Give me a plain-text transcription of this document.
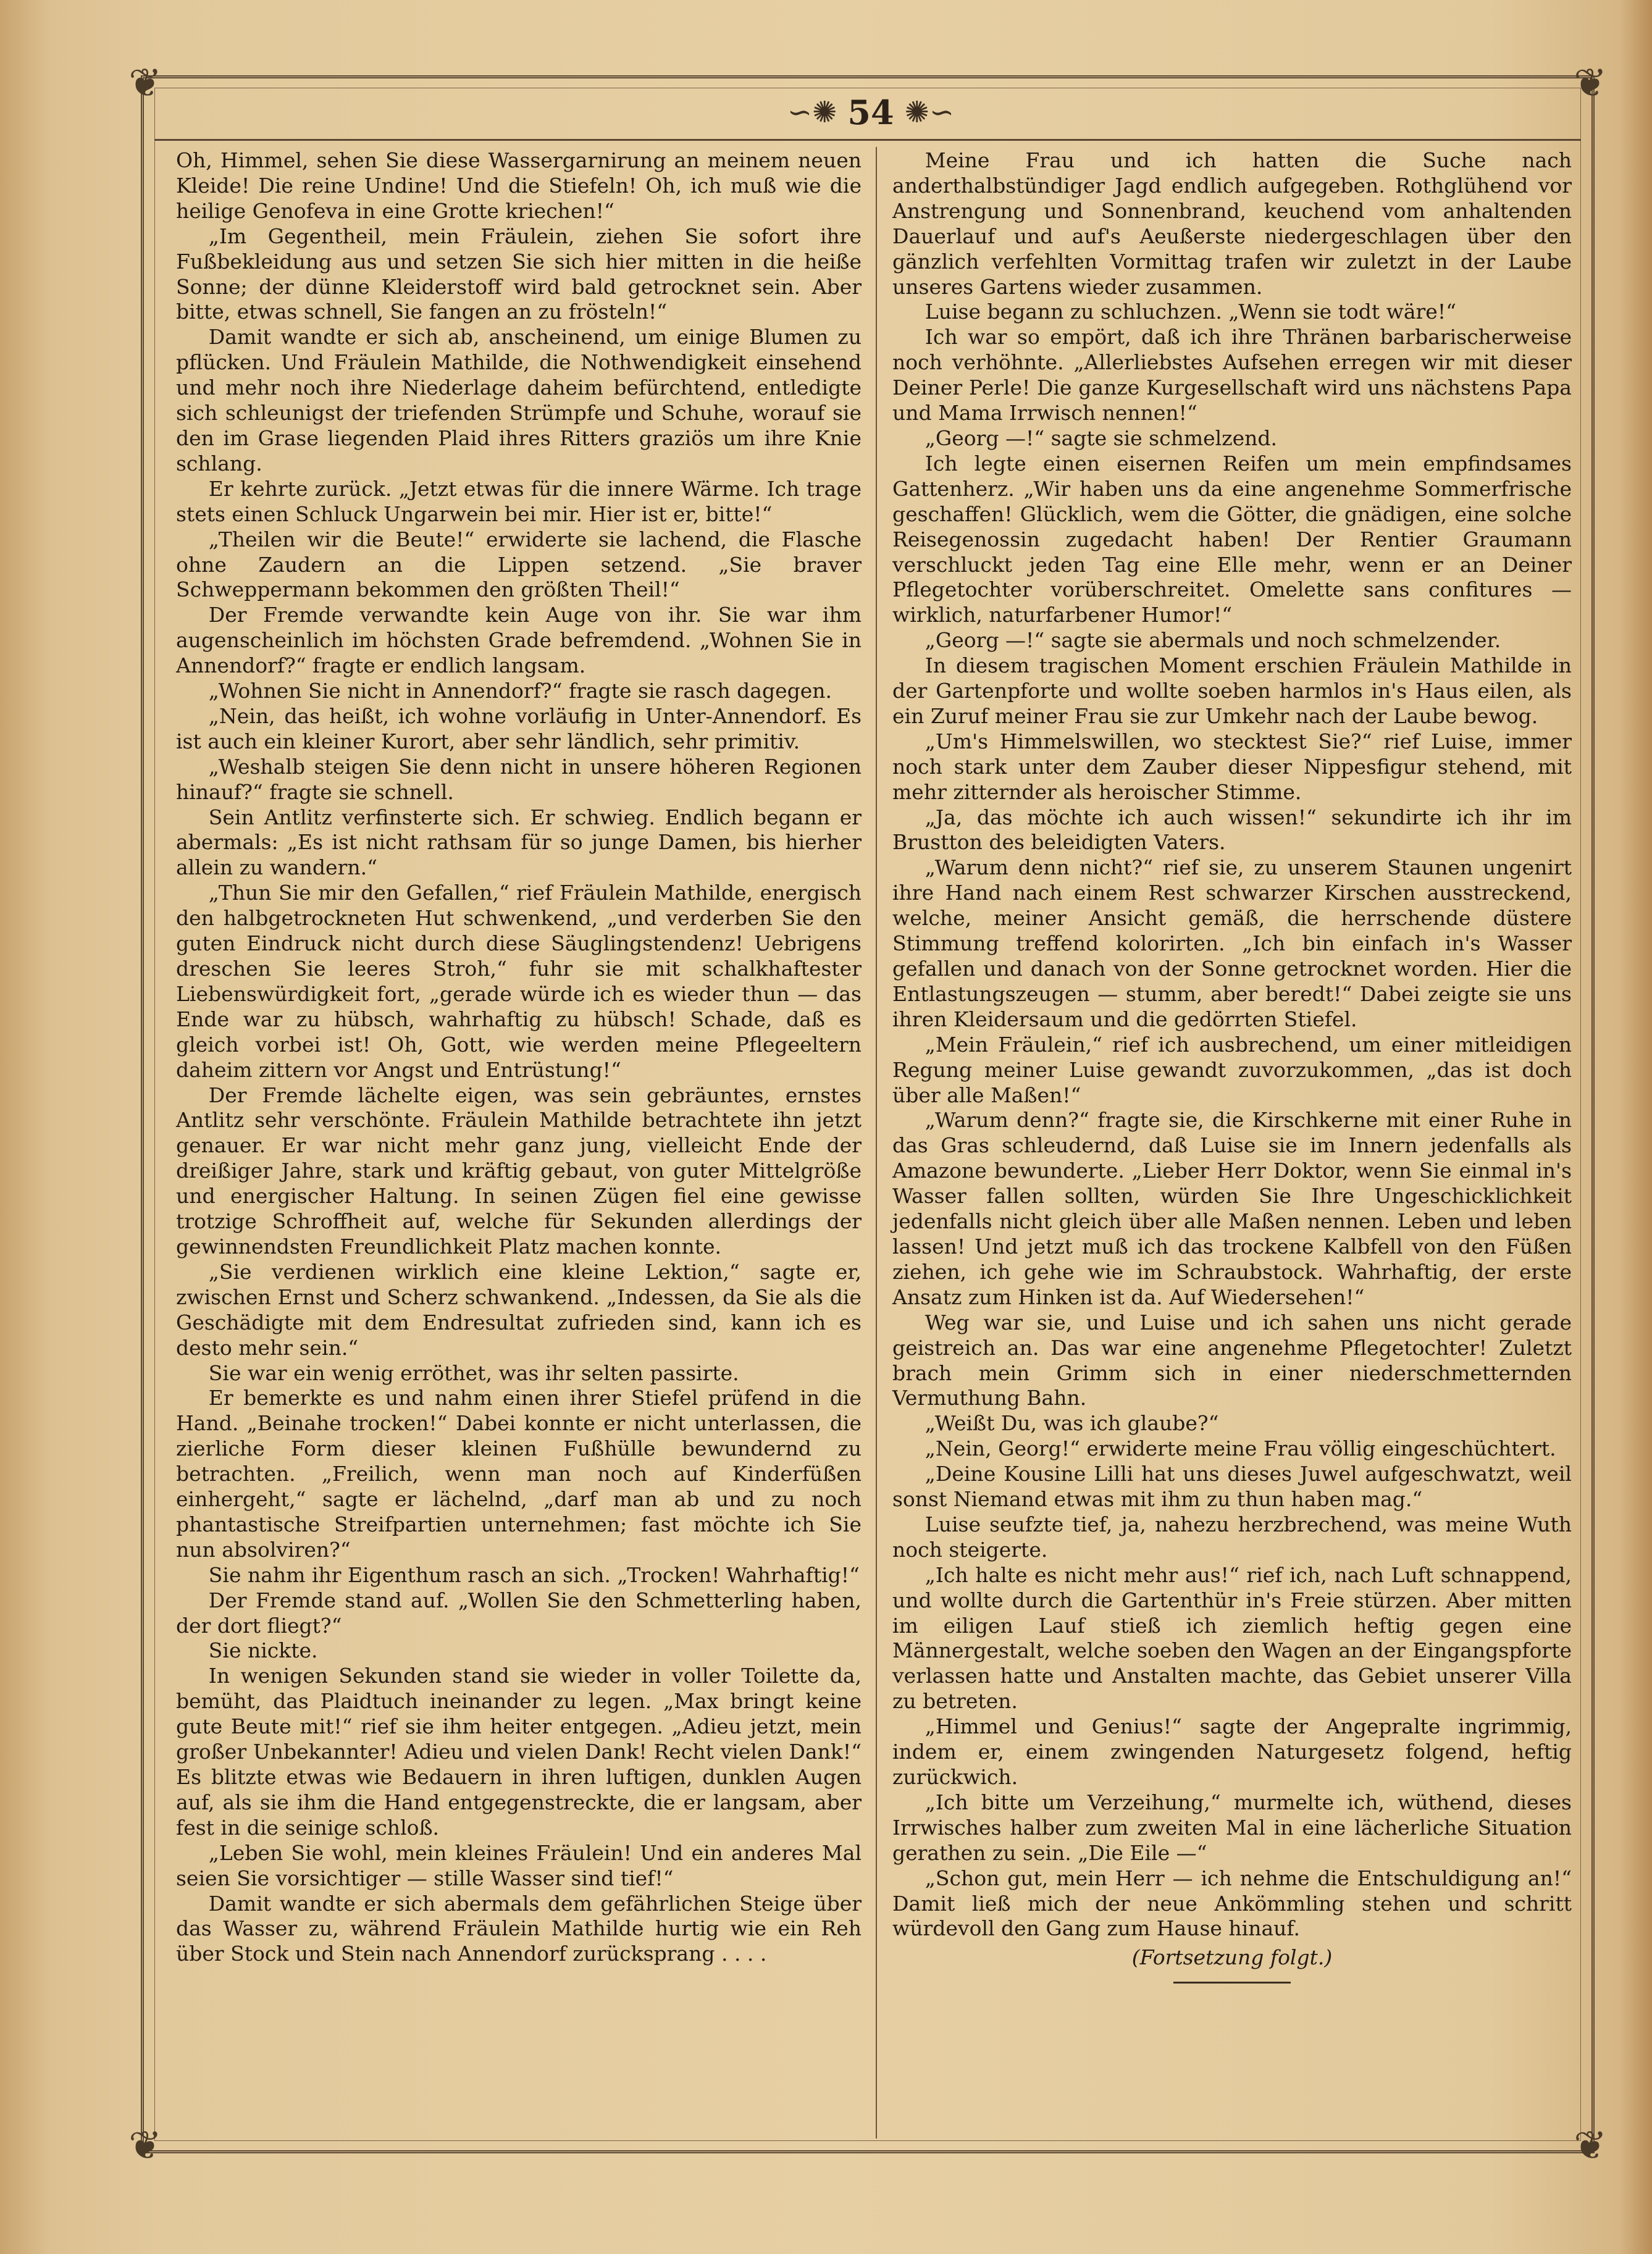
❦	❦
❦	❦
∽✺ 54 ✺∽

Oh, Himmel, sehen Sie diese Wassergarnirung an meinem neuen Kleide! Die reine Undine! Und die Stiefeln! Oh, ich muß wie die heilige Genofeva in eine Grotte kriechen!“

„Im Gegentheil, mein Fräulein, ziehen Sie sofort ihre Fußbekleidung aus und setzen Sie sich hier mitten in die heiße Sonne; der dünne Kleiderstoff wird bald getrocknet sein. Aber bitte, etwas schnell, Sie fangen an zu frösteln!“

Damit wandte er sich ab, anscheinend, um einige Blumen zu pflücken. Und Fräulein Mathilde, die Nothwendigkeit einsehend und mehr noch ihre Niederlage daheim befürchtend, entledigte sich schleunigst der triefenden Strümpfe und Schuhe, worauf sie den im Grase liegenden Plaid ihres Ritters graziös um ihre Knie schlang.

Er kehrte zurück. „Jetzt etwas für die innere Wärme. Ich trage stets einen Schluck Ungarwein bei mir. Hier ist er, bitte!“

„Theilen wir die Beute!“ erwiderte sie lachend, die Flasche ohne Zaudern an die Lippen setzend. „Sie braver Schweppermann bekommen den größten Theil!“

Der Fremde verwandte kein Auge von ihr. Sie war ihm augenscheinlich im höchsten Grade befremdend. „Wohnen Sie in Annendorf?“ fragte er endlich langsam.

„Wohnen Sie nicht in Annendorf?“ fragte sie rasch dagegen.

„Nein, das heißt, ich wohne vorläufig in Unter-Annendorf. Es ist auch ein kleiner Kurort, aber sehr ländlich, sehr primitiv.

„Weshalb steigen Sie denn nicht in unsere höheren Regionen hinauf?“ fragte sie schnell.

Sein Antlitz verfinsterte sich. Er schwieg. Endlich begann er abermals: „Es ist nicht rathsam für so junge Damen, bis hierher allein zu wandern.“

„Thun Sie mir den Gefallen,“ rief Fräulein Mathilde, energisch den halbgetrockneten Hut schwenkend, „und verderben Sie den guten Eindruck nicht durch diese Säuglingstendenz! Uebrigens dreschen Sie leeres Stroh,“ fuhr sie mit schalkhaftester Liebenswürdigkeit fort, „gerade würde ich es wieder thun — das Ende war zu hübsch, wahrhaftig zu hübsch! Schade, daß es gleich vorbei ist! Oh, Gott, wie werden meine Pflegeeltern daheim zittern vor Angst und Entrüstung!“

Der Fremde lächelte eigen, was sein gebräuntes, ernstes Antlitz sehr verschönte. Fräulein Mathilde betrachtete ihn jetzt genauer. Er war nicht mehr ganz jung, vielleicht Ende der dreißiger Jahre, stark und kräftig gebaut, von guter Mittelgröße und energischer Haltung. In seinen Zügen fiel eine gewisse trotzige Schroffheit auf, welche für Sekunden allerdings der gewinnendsten Freundlichkeit Platz machen konnte.

„Sie verdienen wirklich eine kleine Lektion,“ sagte er, zwischen Ernst und Scherz schwankend. „Indessen, da Sie als die Geschädigte mit dem Endresultat zufrieden sind, kann ich es desto mehr sein.“

Sie war ein wenig erröthet, was ihr selten passirte.

Er bemerkte es und nahm einen ihrer Stiefel prüfend in die Hand. „Beinahe trocken!“ Dabei konnte er nicht unterlassen, die zierliche Form dieser kleinen Fußhülle bewundernd zu betrachten. „Freilich, wenn man noch auf Kinderfüßen einhergeht,“ sagte er lächelnd, „darf man ab und zu noch phantastische Streifpartien unternehmen; fast möchte ich Sie nun absolviren?“

Sie nahm ihr Eigenthum rasch an sich. „Trocken! Wahrhaftig!“

Der Fremde stand auf. „Wollen Sie den Schmetterling haben, der dort fliegt?“

Sie nickte.

In wenigen Sekunden stand sie wieder in voller Toilette da, bemüht, das Plaidtuch ineinander zu legen. „Max bringt keine gute Beute mit!“ rief sie ihm heiter entgegen. „Adieu jetzt, mein großer Unbekannter! Adieu und vielen Dank! Recht vielen Dank!“ Es blitzte etwas wie Bedauern in ihren luftigen, dunklen Augen auf, als sie ihm die Hand entgegenstreckte, die er langsam, aber fest in die seinige schloß.

„Leben Sie wohl, mein kleines Fräulein! Und ein anderes Mal seien Sie vorsichtiger — stille Wasser sind tief!“

Damit wandte er sich abermals dem gefährlichen Steige über das Wasser zu, während Fräulein Mathilde hurtig wie ein Reh über Stock und Stein nach Annendorf zurücksprang . . . .

Meine Frau und ich hatten die Suche nach anderthalbstündiger Jagd endlich aufgegeben. Rothglühend vor Anstrengung und Sonnenbrand, keuchend vom anhaltenden Dauerlauf und auf's Aeußerste niedergeschlagen über den gänzlich verfehlten Vormittag trafen wir zuletzt in der Laube unseres Gartens wieder zusammen.

Luise begann zu schluchzen. „Wenn sie todt wäre!“

Ich war so empört, daß ich ihre Thränen barbarischerweise noch verhöhnte. „Allerliebstes Aufsehen erregen wir mit dieser Deiner Perle! Die ganze Kurgesellschaft wird uns nächstens Papa und Mama Irrwisch nennen!“

„Georg —!“ sagte sie schmelzend.

Ich legte einen eisernen Reifen um mein empfindsames Gattenherz. „Wir haben uns da eine angenehme Sommerfrische geschaffen! Glücklich, wem die Götter, die gnädigen, eine solche Reisegenossin zugedacht haben! Der Rentier Graumann verschluckt jeden Tag eine Elle mehr, wenn er an Deiner Pflegetochter vorüberschreitet. Omelette sans confitures — wirklich, naturfarbener Humor!“

„Georg —!“ sagte sie abermals und noch schmelzender.

In diesem tragischen Moment erschien Fräulein Mathilde in der Gartenpforte und wollte soeben harmlos in's Haus eilen, als ein Zuruf meiner Frau sie zur Umkehr nach der Laube bewog.

„Um's Himmelswillen, wo stecktest Sie?“ rief Luise, immer noch stark unter dem Zauber dieser Nippesfigur stehend, mit mehr zitternder als heroischer Stimme.

„Ja, das möchte ich auch wissen!“ sekundirte ich ihr im Brustton des beleidigten Vaters.

„Warum denn nicht?“ rief sie, zu unserem Staunen ungenirt ihre Hand nach einem Rest schwarzer Kirschen ausstreckend, welche, meiner Ansicht gemäß, die herrschende düstere Stimmung treffend kolorirten. „Ich bin einfach in's Wasser gefallen und danach von der Sonne getrocknet worden. Hier die Entlastungszeugen — stumm, aber beredt!“ Dabei zeigte sie uns ihren Kleidersaum und die gedörrten Stiefel.

„Mein Fräulein,“ rief ich ausbrechend, um einer mitleidigen Regung meiner Luise gewandt zuvorzukommen, „das ist doch über alle Maßen!“

„Warum denn?“ fragte sie, die Kirschkerne mit einer Ruhe in das Gras schleudernd, daß Luise sie im Innern jedenfalls als Amazone bewunderte. „Lieber Herr Doktor, wenn Sie einmal in's Wasser fallen sollten, würden Sie Ihre Ungeschicklichkeit jedenfalls nicht gleich über alle Maßen nennen. Leben und leben lassen! Und jetzt muß ich das trockene Kalbfell von den Füßen ziehen, ich gehe wie im Schraubstock. Wahrhaftig, der erste Ansatz zum Hinken ist da. Auf Wiedersehen!“

Weg war sie, und Luise und ich sahen uns nicht gerade geistreich an. Das war eine angenehme Pflegetochter! Zuletzt brach mein Grimm sich in einer niederschmetternden Vermuthung Bahn.

„Weißt Du, was ich glaube?“

„Nein, Georg!“ erwiderte meine Frau völlig eingeschüchtert.

„Deine Kousine Lilli hat uns dieses Juwel aufgeschwatzt, weil sonst Niemand etwas mit ihm zu thun haben mag.“

Luise seufzte tief, ja, nahezu herzbrechend, was meine Wuth noch steigerte.

„Ich halte es nicht mehr aus!“ rief ich, nach Luft schnappend, und wollte durch die Gartenthür in's Freie stürzen. Aber mitten im eiligen Lauf stieß ich ziemlich heftig gegen eine Männergestalt, welche soeben den Wagen an der Eingangspforte verlassen hatte und Anstalten machte, das Gebiet unserer Villa zu betreten.

„Himmel und Genius!“ sagte der Angepralte ingrimmig, indem er, einem zwingenden Naturgesetz folgend, heftig zurückwich.

„Ich bitte um Verzeihung,“ murmelte ich, wüthend, dieses Irrwisches halber zum zweiten Mal in eine lächerliche Situation gerathen zu sein. „Die Eile —“

„Schon gut, mein Herr — ich nehme die Entschuldigung an!“ Damit ließ mich der neue Ankömmling stehen und schritt würdevoll den Gang zum Hause hinauf.

(Fortsetzung folgt.)
